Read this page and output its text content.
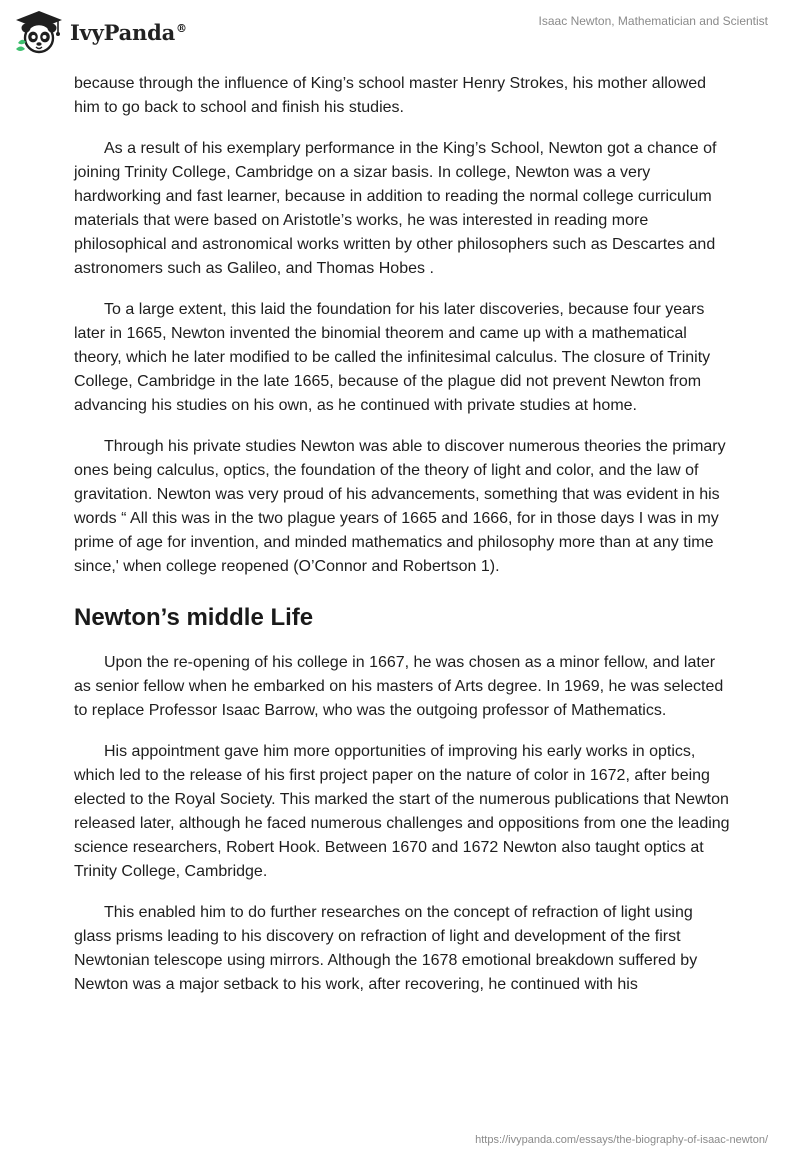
IvyPanda®	Isaac Newton, Mathematician and Scientist

because through the influence of King’s school master Henry Strokes, his mother allowed him to go back to school and finish his studies.

As a result of his exemplary performance in the King’s School, Newton got a chance of joining Trinity College, Cambridge on a sizar basis. In college, Newton was a very hardworking and fast learner, because in addition to reading the normal college curriculum materials that were based on Aristotle’s works, he was interested in reading more philosophical and astronomical works written by other philosophers such as Descartes and astronomers such as Galileo, and Thomas Hobes .

To a large extent, this laid the foundation for his later discoveries, because four years later in 1665, Newton invented the binomial theorem and came up with a mathematical theory, which he later modified to be called the infinitesimal calculus. The closure of Trinity College, Cambridge in the late 1665, because of the plague did not prevent Newton from advancing his studies on his own, as he continued with private studies at home.

Through his private studies Newton was able to discover numerous theories the primary ones being calculus, optics, the foundation of the theory of light and color, and the law of gravitation. Newton was very proud of his advancements, something that was evident in his words “ All this was in the two plague years of 1665 and 1666, for in those days I was in my prime of age for invention, and minded mathematics and philosophy more than at any time since,' when college reopened (O’Connor and Robertson 1).

Newton’s middle Life

Upon the re-opening of his college in 1667, he was chosen as a minor fellow, and later as senior fellow when he embarked on his masters of Arts degree. In 1969, he was selected to replace Professor Isaac Barrow, who was the outgoing professor of Mathematics.

His appointment gave him more opportunities of improving his early works in optics, which led to the release of his first project paper on the nature of color in 1672, after being elected to the Royal Society. This marked the start of the numerous publications that Newton released later, although he faced numerous challenges and oppositions from one the leading science researchers, Robert Hook. Between 1670 and 1672 Newton also taught optics at Trinity College, Cambridge.

This enabled him to do further researches on the concept of refraction of light using glass prisms leading to his discovery on refraction of light and development of the first Newtonian telescope using mirrors. Although the 1678 emotional breakdown suffered by Newton was a major setback to his work, after recovering, he continued with his

https://ivypanda.com/essays/the-biography-of-isaac-newton/
